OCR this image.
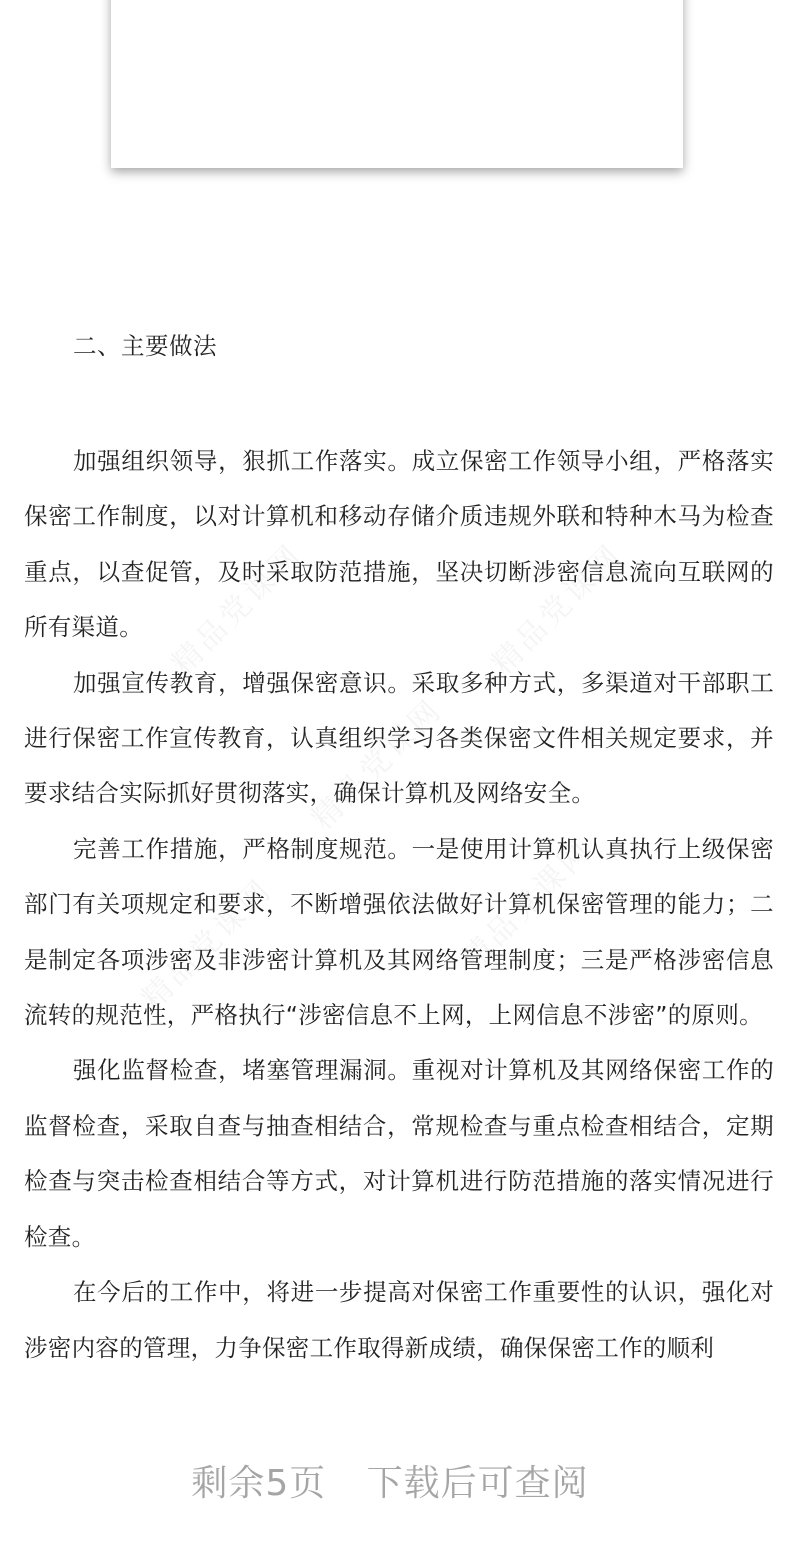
精品党课网	精品党课网
精品党课网
精品党课网	精品党课网
二、主要做法

加强组织领导，狠抓工作落实。成立保密工作领导小组，严格落实保密工作制度，以对计算机和移动存储介质违规外联和特种木马为检查重点，以查促管，及时采取防范措施，坚决切断涉密信息流向互联网的所有渠道。

加强宣传教育，增强保密意识。采取多种方式，多渠道对干部职工进行保密工作宣传教育，认真组织学习各类保密文件相关规定要求，并要求结合实际抓好贯彻落实，确保计算机及网络安全。

完善工作措施，严格制度规范。一是使用计算机认真执行上级保密部门有关项规定和要求，不断增强依法做好计算机保密管理的能力；二是制定各项涉密及非涉密计算机及其网络管理制度；三是严格涉密信息流转的规范性，严格执行“涉密信息不上网，上网信息不涉密”的原则。

强化监督检查，堵塞管理漏洞。重视对计算机及其网络保密工作的监督检查，采取自查与抽查相结合，常规检查与重点检查相结合，定期检查与突击检查相结合等方式，对计算机进行防范措施的落实情况进行检查。

在今后的工作中，将进一步提高对保密工作重要性的认识，强化对涉密内容的管理，力争保密工作取得新成绩，确保保密工作的顺利

剩余5页 下载后可查阅
